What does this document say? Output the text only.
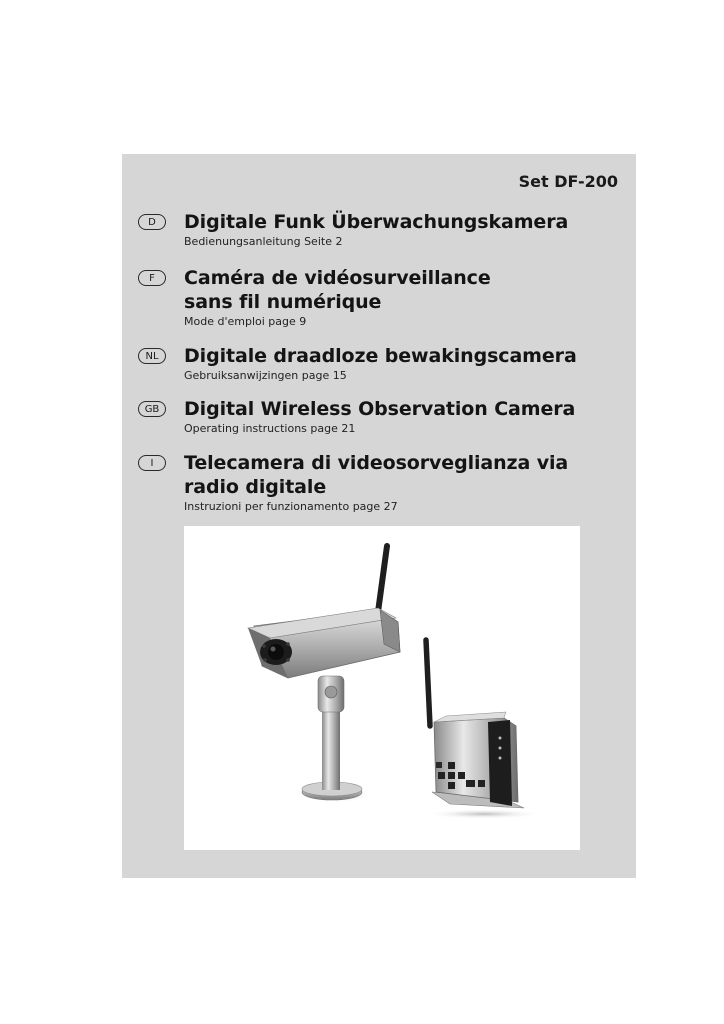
Set DF-200
D	Digitale Funk Überwachungskamera
Bedienungsanleitung Seite 2
F	Caméra de vidéosurveillance sans fil numérique
Mode d'emploi page 9
NL	Digitale draadloze bewakingscamera
Gebruiksanwijzingen page 15
GB	Digital Wireless Observation Camera
Operating instructions page 21
I	Telecamera di videosorveglianza via radio digitale
Instruzioni per funzionamento page 27
